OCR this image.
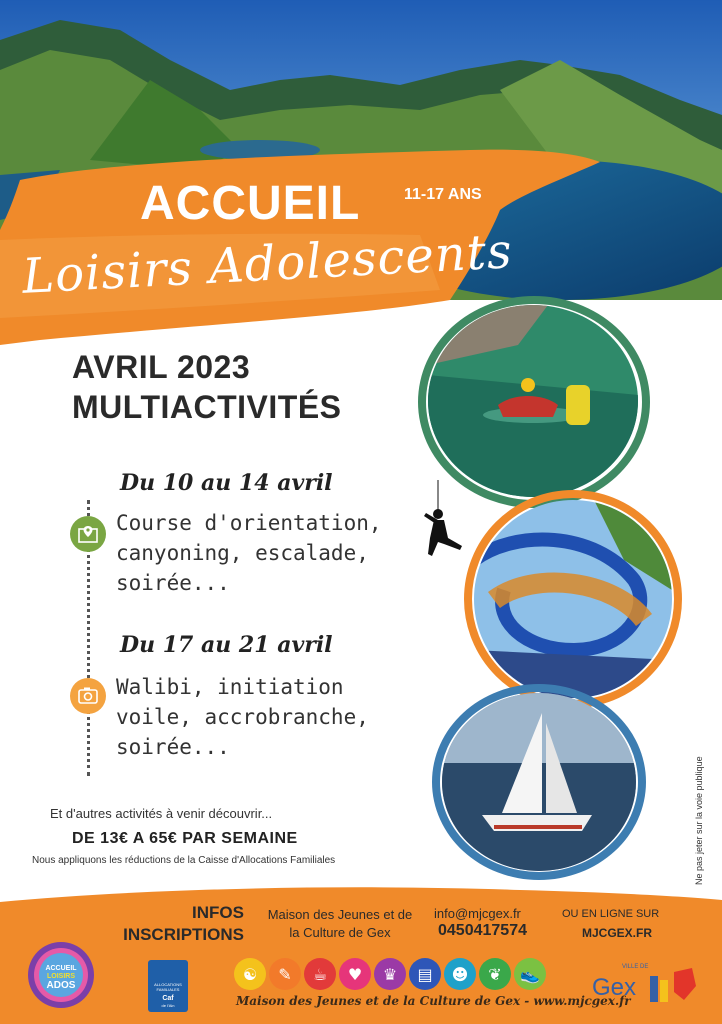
ACCUEIL	11-17 ANS
Loisirs Adolescents
AVRIL 2023
MULTIACTIVITÉS
Du 10 au 14 avril
Course d'orientation,
canyoning, escalade,
soirée...
Du 17 au 21 avril
Walibi, initiation
voile, accrobranche,
soirée...
Et d'autres activités à venir découvrir...
DE 13€ A 65€ PAR SEMAINE
Nous appliquons les réductions de la Caisse d'Allocations Familiales	Ne pas jeter sur la voie publique
INFOS
INSCRIPTIONS
Maison des Jeunes et de
la Culture de Gex
info@mjcgex.fr
0450417574
OU EN LIGNE SUR
MJCGEX.FR
ACCUEIL
LOISIRS
ADOS	ALLOCATIONS FAMILIALES
Caf
de l'Ain
☯	✎	☕	♥	♛	▤	☻	❦	👟
Maison des Jeunes et de la Culture de Gex - www.mjcgex.fr
Gex
VILLE DE
